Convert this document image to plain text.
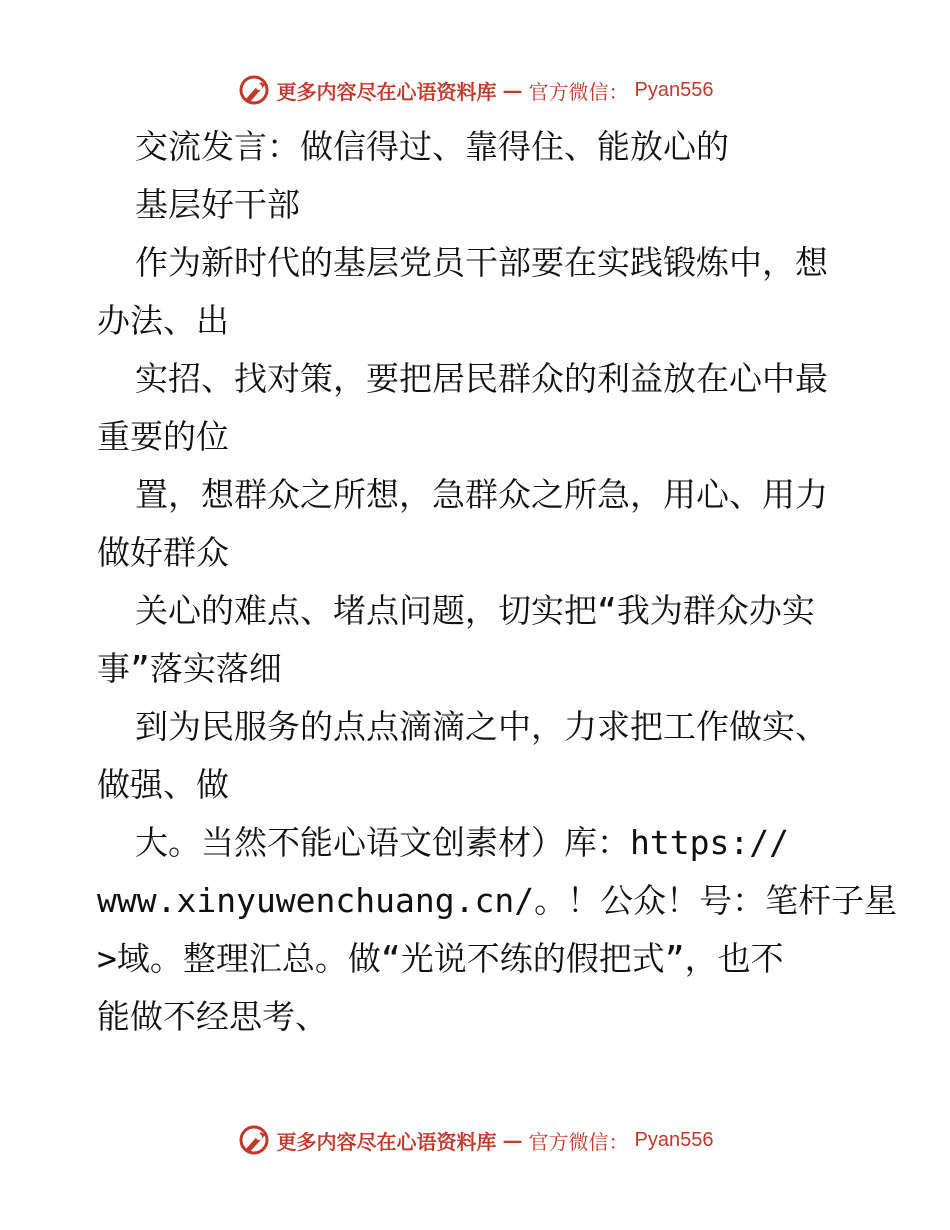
更多内容尽在心语资料库 — 官方微信： Pyan556
交流发言：做信得过、靠得住、能放心的
基层好干部
作为新时代的基层党员干部要在实践锻炼中，想
办法、出
实招、找对策，要把居民群众的利益放在心中最
重要的位
置，想群众之所想，急群众之所急，用心、用力
做好群众
关心的难点、堵点问题，切实把“我为群众办实
事”落实落细
到为民服务的点点滴滴之中，力求把工作做实、
做强、做
大。当然不能心语文创素材）库：https://
www.xinyuwenchuang.cn/。！公众！号：笔杆子星
>域。整理汇总。做“光说不练的假把式”，也不
能做不经思考、
更多内容尽在心语资料库 — 官方微信： Pyan556
